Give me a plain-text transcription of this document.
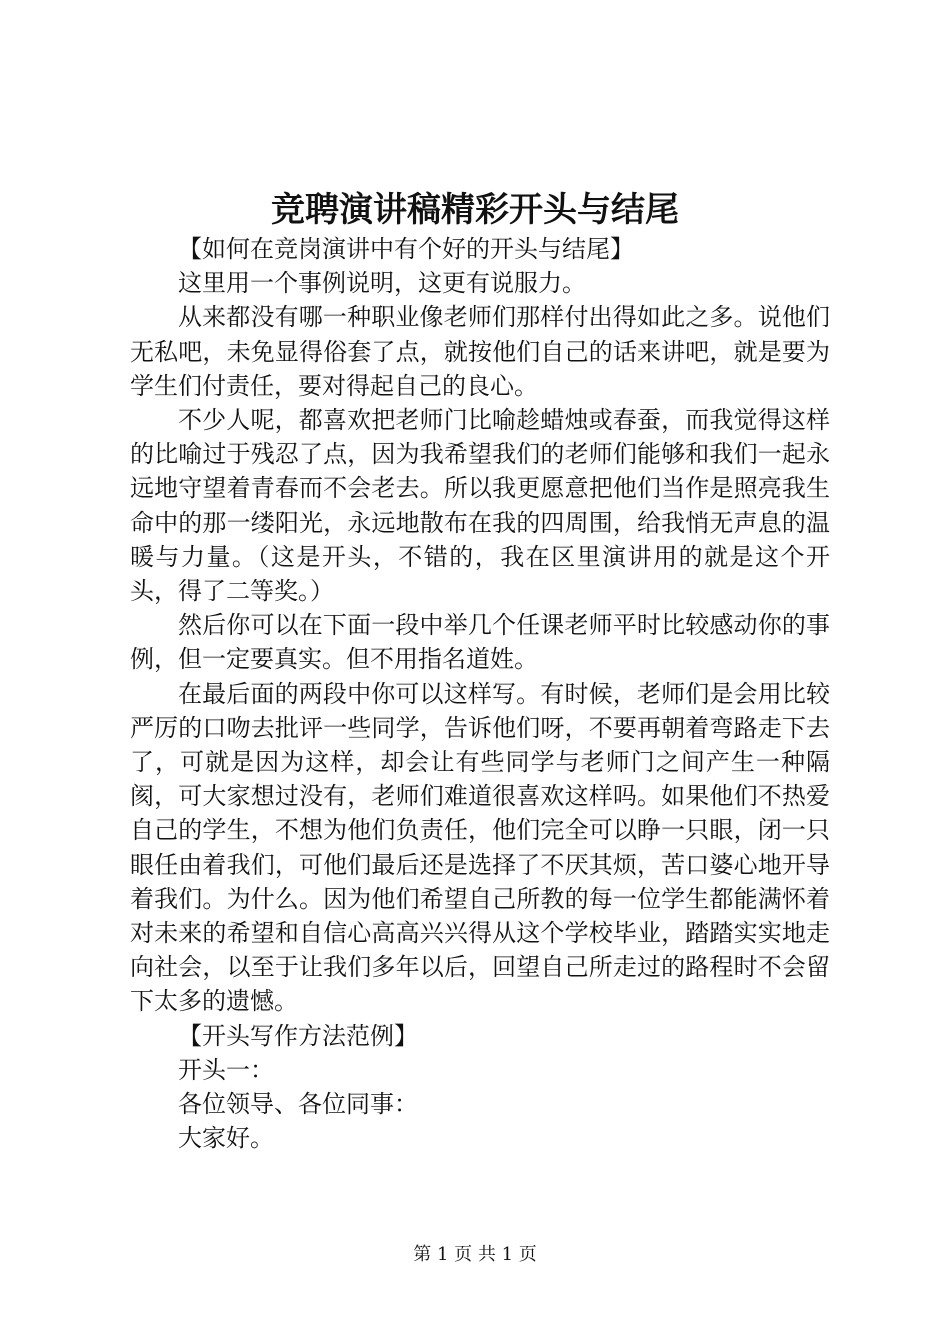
竞聘演讲稿精彩开头与结尾

【如何在竞岗演讲中有个好的开头与结尾】

这里用一个事例说明，这更有说服力。

从来都没有哪一种职业像老师们那样付出得如此之多。说他们无私吧，未免显得俗套了点，就按他们自己的话来讲吧，就是要为学生们付责任，要对得起自己的良心。

不少人呢，都喜欢把老师门比喻趁蜡烛或春蚕，而我觉得这样的比喻过于残忍了点，因为我希望我们的老师们能够和我们一起永远地守望着青春而不会老去。所以我更愿意把他们当作是照亮我生命中的那一缕阳光，永远地散布在我的四周围，给我悄无声息的温暖与力量。（这是开头，不错的，我在区里演讲用的就是这个开头，得了二等奖。）

然后你可以在下面一段中举几个任课老师平时比较感动你的事例，但一定要真实。但不用指名道姓。

在最后面的两段中你可以这样写。有时候，老师们是会用比较严厉的口吻去批评一些同学，告诉他们呀，不要再朝着弯路走下去了，可就是因为这样，却会让有些同学与老师门之间产生一种隔阂，可大家想过没有，老师们难道很喜欢这样吗。如果他们不热爱自己的学生，不想为他们负责任，他们完全可以睁一只眼，闭一只眼任由着我们，可他们最后还是选择了不厌其烦，苦口婆心地开导着我们。为什么。因为他们希望自己所教的每一位学生都能满怀着对未来的希望和自信心高高兴兴得从这个学校毕业，踏踏实实地走向社会，以至于让我们多年以后，回望自己所走过的路程时不会留下太多的遗憾。

【开头写作方法范例】

开头一：

各位领导、各位同事：

大家好。

第 1 页 共 1 页
